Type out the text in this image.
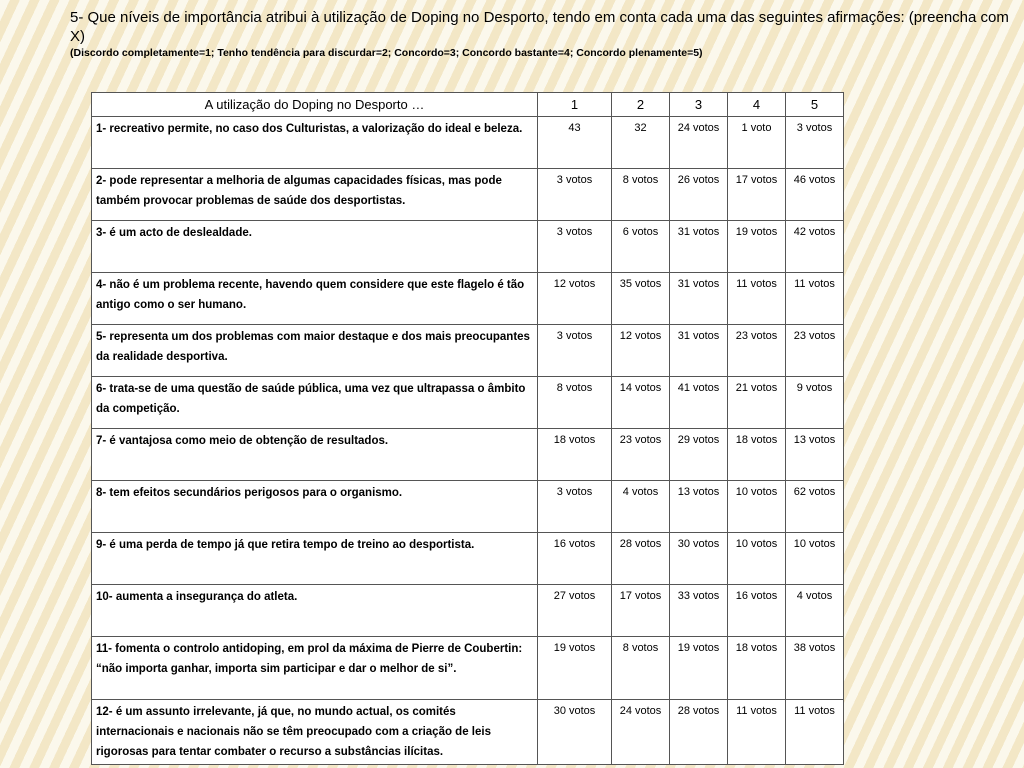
5- Que níveis de importância atribui à utilização de Doping no Desporto, tendo em conta cada uma das seguintes afirmações: (preencha com X)
(Discordo completamente=1; Tenho tendência para discurdar=2; Concordo=3; Concordo bastante=4; Concordo plenamente=5)
A utilização do Doping no Desporto …	1	2	3	4	5
1- recreativo permite, no caso dos Culturistas, a valorização do ideal e beleza.	43	32	24 votos	1 voto	3 votos
2- pode representar a melhoria de algumas capacidades físicas, mas pode também provocar problemas de saúde dos desportistas.	3 votos	8 votos	26 votos	17 votos	46 votos
3- é um acto de deslealdade.	3 votos	6 votos	31 votos	19 votos	42 votos
4- não é um problema recente, havendo quem considere que este flagelo é tão antigo como o ser humano.	12 votos	35 votos	31 votos	11 votos	11 votos
5- representa um dos problemas com maior destaque e dos mais preocupantes da realidade desportiva.	3 votos	12 votos	31 votos	23 votos	23 votos
6- trata-se de uma questão de saúde pública, uma vez que ultrapassa o âmbito da competição.	8 votos	14 votos	41 votos	21 votos	9 votos
7- é vantajosa como meio de obtenção de resultados.	18 votos	23 votos	29 votos	18 votos	13 votos
8- tem efeitos secundários perigosos para o organismo.	3 votos	4 votos	13 votos	10 votos	62 votos
9- é uma perda de tempo já que retira tempo de treino ao desportista.	16 votos	28 votos	30 votos	10 votos	10 votos
10- aumenta a insegurança do atleta.	27 votos	17 votos	33 votos	16 votos	4 votos
11- fomenta o controlo antidoping, em prol da máxima de Pierre de Coubertin: “não importa ganhar, importa sim participar e dar o melhor de si”.	19 votos	8 votos	19 votos	18 votos	38 votos
12- é um assunto irrelevante, já que, no mundo actual, os comités internacionais e nacionais não se têm preocupado com a criação de leis rigorosas para tentar combater o recurso a substâncias ilícitas.	30 votos	24 votos	28 votos	11 votos	11 votos
